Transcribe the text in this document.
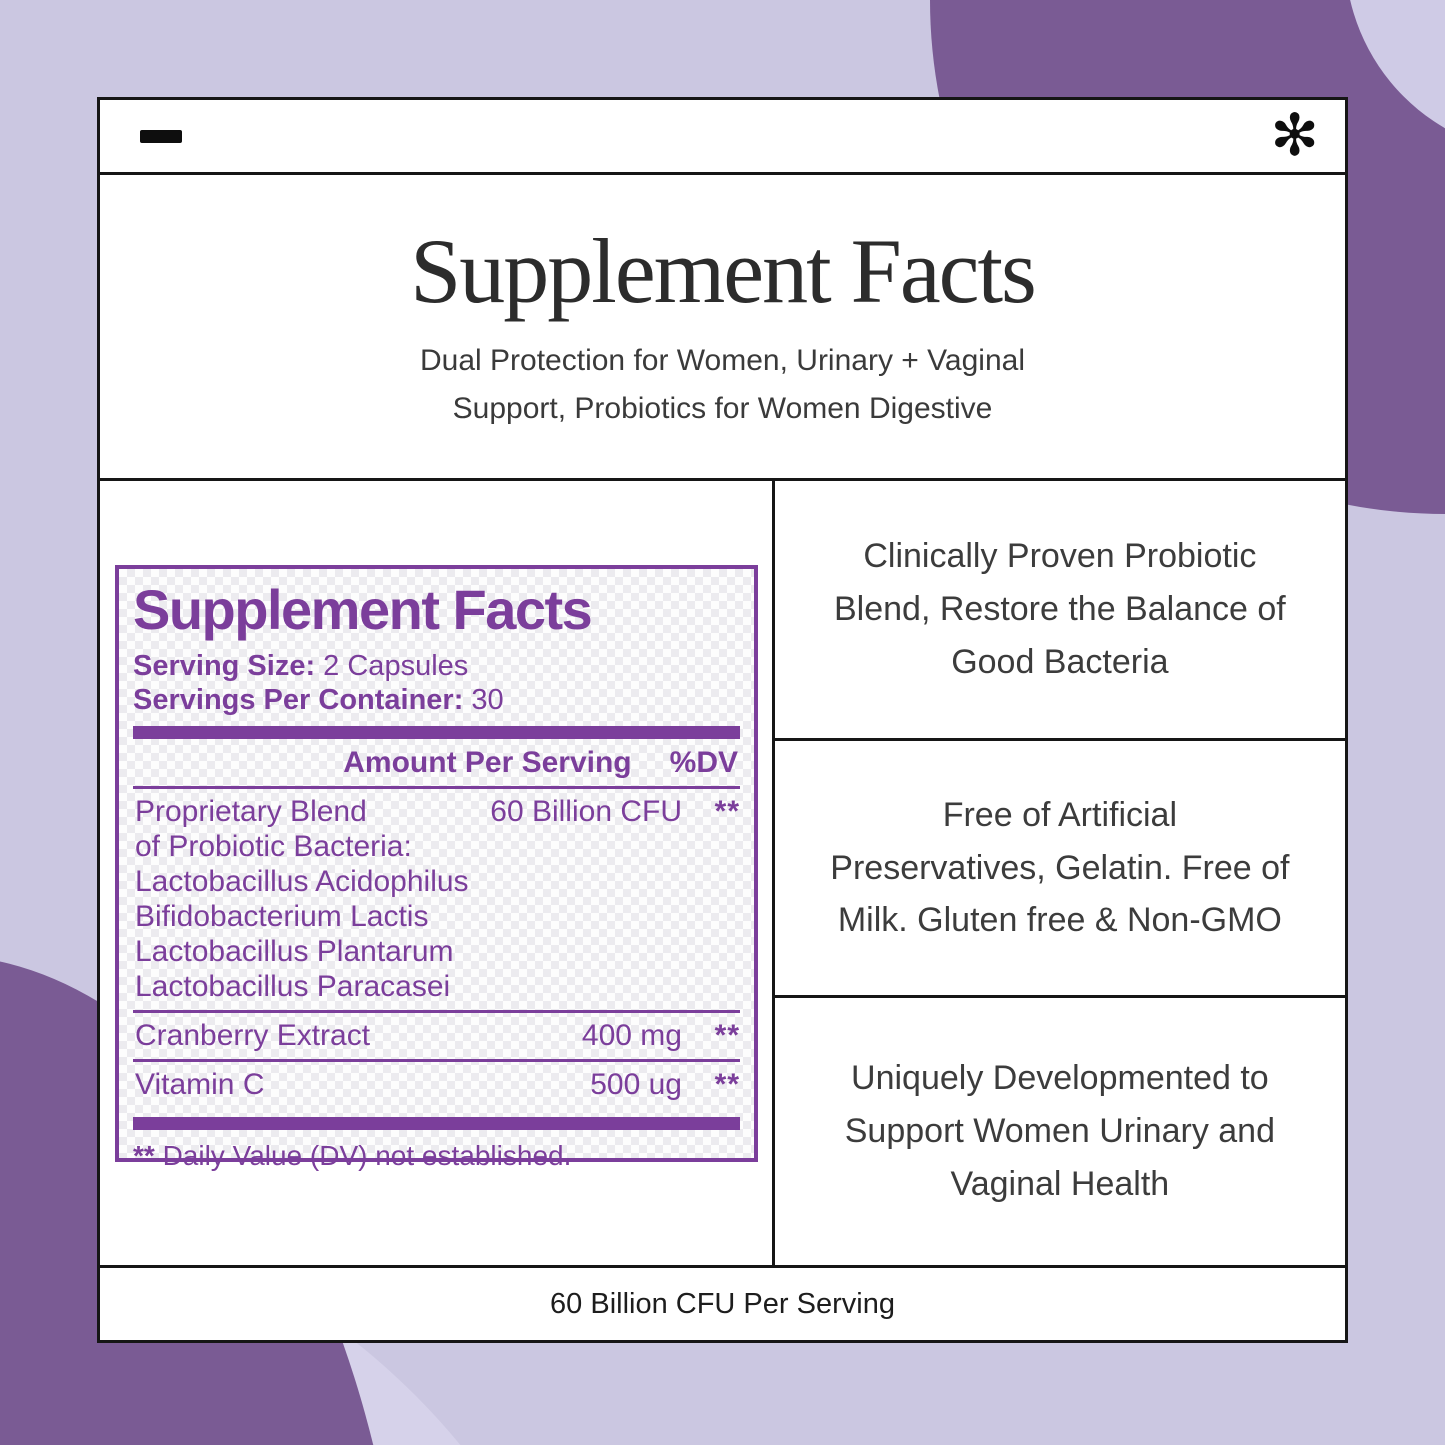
✻
Supplement Facts
Dual Protection for Women, Urinary + Vaginal
Support, Probiotics for Women Digestive
Supplement Facts
Serving Size: 2 Capsules
Servings Per Container: 30
Amount Per Serving %DV
Proprietary Blend	60 Billion CFU **
of Probiotic Bacteria:
Lactobacillus Acidophilus
Bifidobacterium Lactis
Lactobacillus Plantarum
Lactobacillus Paracasei
Cranberry Extract	400 mg **
Vitamin C	500 ug **
** Daily Value (DV) not established.
Clinically Proven Probiotic
Blend, Restore the Balance of
Good Bacteria
Free of Artificial
Preservatives, Gelatin. Free of
Milk. Gluten free & Non-GMO
Uniquely Developmented to
Support Women Urinary and
Vaginal Health
60 Billion CFU Per Serving
